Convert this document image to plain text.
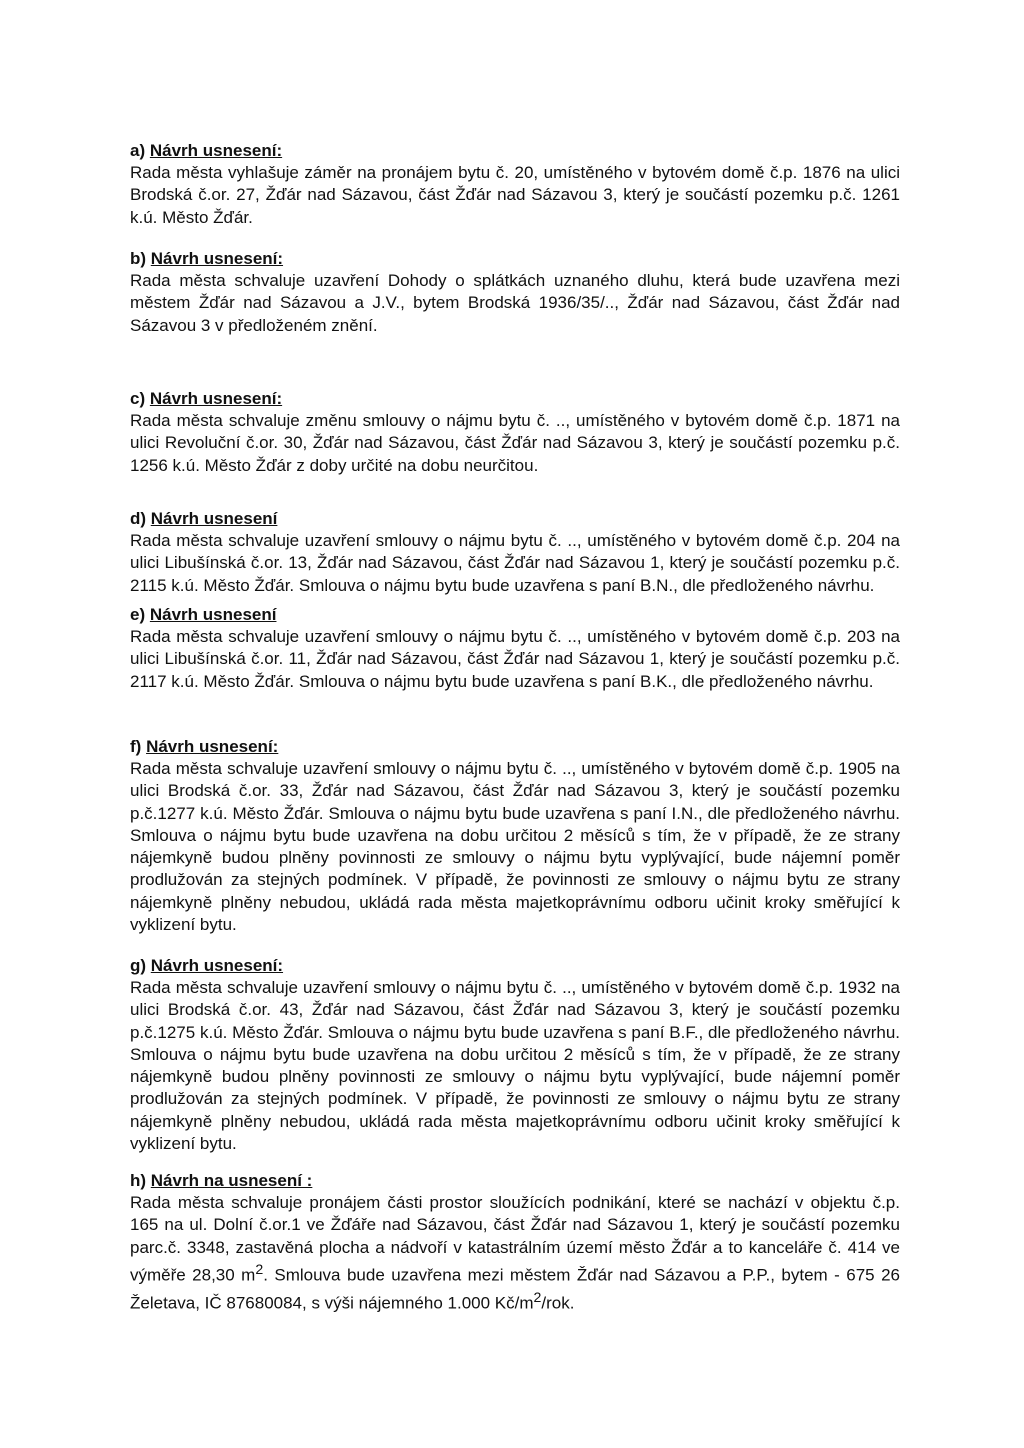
a) Návrh usnesení:

Rada města vyhlašuje záměr na pronájem bytu č. 20, umístěného v bytovém domě č.p. 1876 na ulici Brodská č.or. 27, Žďár nad Sázavou, část Žďár nad Sázavou 3, který je součástí pozemku p.č. 1261 k.ú. Město Žďár.

b) Návrh usnesení:

Rada města schvaluje uzavření Dohody o splátkách uznaného dluhu, která bude uzavřena mezi městem Žďár nad Sázavou a J.V., bytem Brodská 1936/35/.., Žďár nad Sázavou, část Žďár nad Sázavou 3 v předloženém znění.

c) Návrh usnesení:

Rada města schvaluje změnu smlouvy o nájmu bytu č. .., umístěného v bytovém domě č.p. 1871 na ulici Revoluční č.or. 30, Žďár nad Sázavou, část Žďár nad Sázavou 3, který je součástí pozemku p.č. 1256 k.ú. Město Žďár z doby určité na dobu neurčitou.

d) Návrh usnesení

Rada města schvaluje uzavření smlouvy o nájmu bytu č. .., umístěného v bytovém domě č.p. 204 na ulici Libušínská č.or. 13, Žďár nad Sázavou, část Žďár nad Sázavou 1, který je součástí pozemku p.č. 2115 k.ú. Město Žďár. Smlouva o nájmu bytu bude uzavřena s paní B.N., dle předloženého návrhu.

e) Návrh usnesení

Rada města schvaluje uzavření smlouvy o nájmu bytu č. .., umístěného v bytovém domě č.p. 203 na ulici Libušínská č.or. 11, Žďár nad Sázavou, část Žďár nad Sázavou 1, který je součástí pozemku p.č. 2117 k.ú. Město Žďár. Smlouva o nájmu bytu bude uzavřena s paní B.K., dle předloženého návrhu.

f) Návrh usnesení:

Rada města schvaluje uzavření smlouvy o nájmu bytu č. .., umístěného v bytovém domě č.p. 1905 na ulici Brodská č.or. 33, Žďár nad Sázavou, část Žďár nad Sázavou 3, který je součástí pozemku p.č.1277 k.ú. Město Žďár. Smlouva o nájmu bytu bude uzavřena s paní I.N., dle předloženého návrhu. Smlouva o nájmu bytu bude uzavřena na dobu určitou 2 měsíců s tím, že v případě, že ze strany nájemkyně budou plněny povinnosti ze smlouvy o nájmu bytu vyplývající, bude nájemní poměr prodlužován za stejných podmínek. V případě, že povinnosti ze smlouvy o nájmu bytu ze strany nájemkyně plněny nebudou, ukládá rada města majetkoprávnímu odboru učinit kroky směřující k vyklizení bytu.

g) Návrh usnesení:

Rada města schvaluje uzavření smlouvy o nájmu bytu č. .., umístěného v bytovém domě č.p. 1932 na ulici Brodská č.or. 43, Žďár nad Sázavou, část Žďár nad Sázavou 3, který je součástí pozemku p.č.1275 k.ú. Město Žďár. Smlouva o nájmu bytu bude uzavřena s paní B.F., dle předloženého návrhu. Smlouva o nájmu bytu bude uzavřena na dobu určitou 2 měsíců s tím, že v případě, že ze strany nájemkyně budou plněny povinnosti ze smlouvy o nájmu bytu vyplývající, bude nájemní poměr prodlužován za stejných podmínek. V případě, že povinnosti ze smlouvy o nájmu bytu ze strany nájemkyně plněny nebudou, ukládá rada města majetkoprávnímu odboru učinit kroky směřující k vyklizení bytu.

h) Návrh na usnesení :

Rada města schvaluje pronájem části prostor sloužících podnikání, které se nachází v objektu č.p. 165 na ul. Dolní č.or.1 ve Žďáře nad Sázavou, část Žďár nad Sázavou 1, který je součástí pozemku parc.č. 3348, zastavěná plocha a nádvoří v katastrálním území město Žďár a to kanceláře č. 414 ve výměře 28,30 $m^2$. Smlouva bude uzavřena mezi městem Žďár nad Sázavou a P.P., bytem - 675 26 Želetava, IČ 87680084, s výši nájemného 1.000 $Kč/m^2$/rok.
